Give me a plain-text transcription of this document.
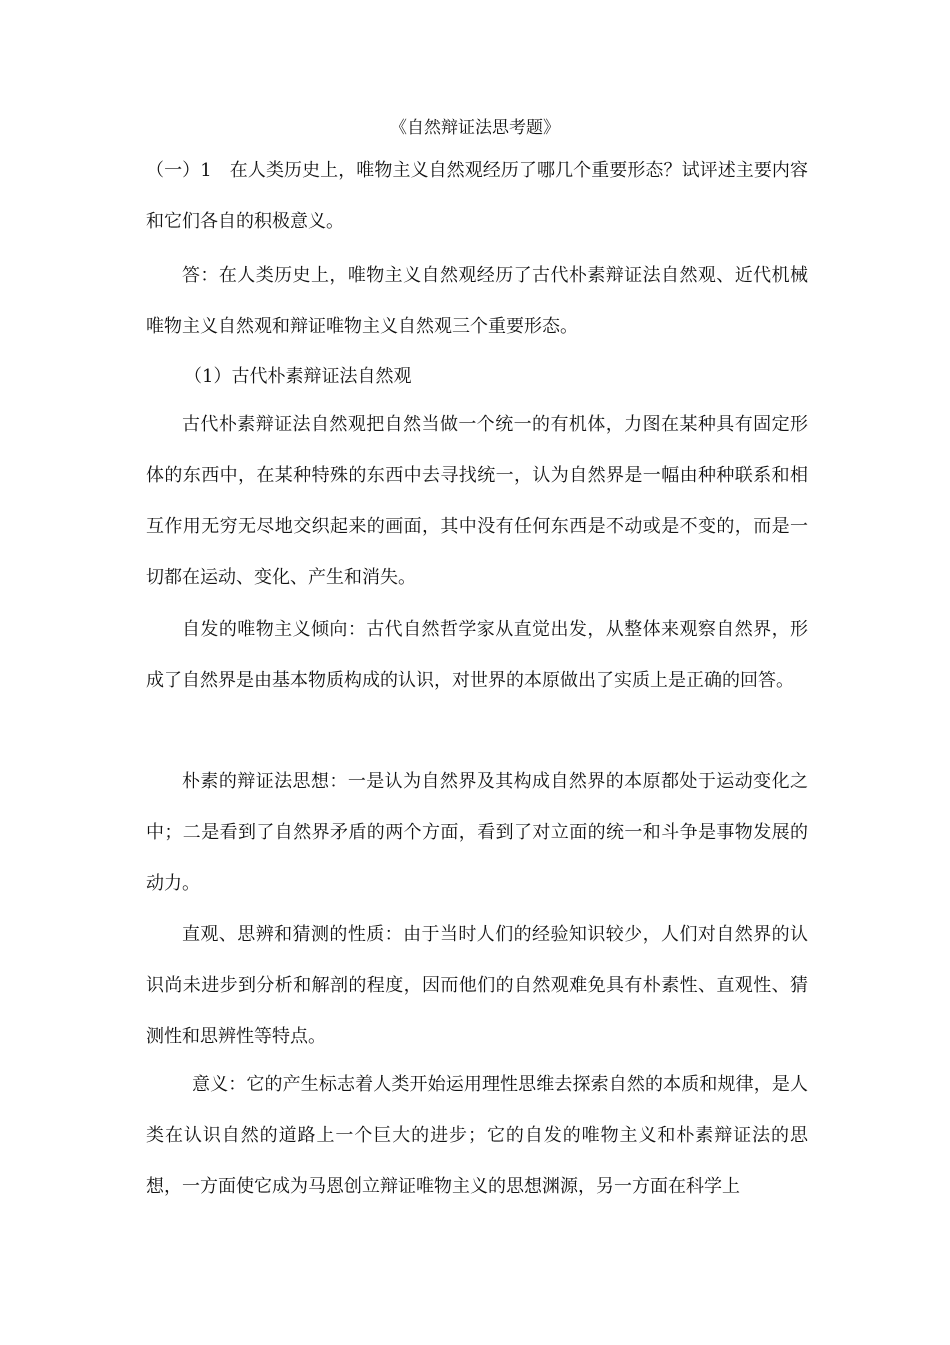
《自然辩证法思考题》
（一）1　在人类历史上，唯物主义自然观经历了哪几个重要形态？试评述主要内容和它们各自的积极意义。
答：在人类历史上，唯物主义自然观经历了古代朴素辩证法自然观、近代机械唯物主义自然观和辩证唯物主义自然观三个重要形态。
（1）古代朴素辩证法自然观
古代朴素辩证法自然观把自然当做一个统一的有机体，力图在某种具有固定形体的东西中，在某种特殊的东西中去寻找统一，认为自然界是一幅由种种联系和相互作用无穷无尽地交织起来的画面，其中没有任何东西是不动或是不变的，而是一切都在运动、变化、产生和消失。
自发的唯物主义倾向：古代自然哲学家从直觉出发，从整体来观察自然界，形成了自然界是由基本物质构成的认识，对世界的本原做出了实质上是正确的回答。
朴素的辩证法思想：一是认为自然界及其构成自然界的本原都处于运动变化之中；二是看到了自然界矛盾的两个方面，看到了对立面的统一和斗争是事物发展的动力。
直观、思辨和猜测的性质：由于当时人们的经验知识较少，人们对自然界的认识尚未进步到分析和解剖的程度，因而他们的自然观难免具有朴素性、直观性、猜测性和思辨性等特点。
意义：它的产生标志着人类开始运用理性思维去探索自然的本质和规律，是人类在认识自然的道路上一个巨大的进步；它的自发的唯物主义和朴素辩证法的思想，一方面使它成为马恩创立辩证唯物主义的思想渊源，另一方面在科学上
